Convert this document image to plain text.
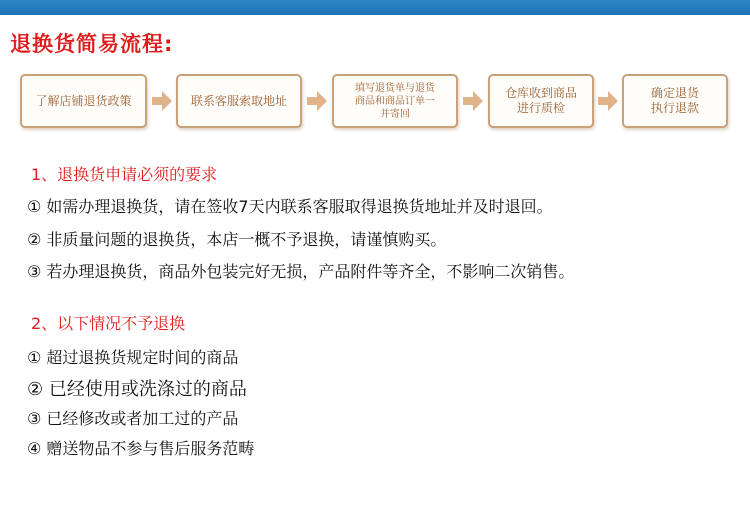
退换货简易流程:
了解店铺退货政策	联系客服索取地址
填写退货单与退货
商品和商品订单一
并寄回
仓库收到商品
进行质检
确定退货
执行退款
1、退换货申请必须的要求
① 如需办理退换货，请在签收7天内联系客服取得退换货地址并及时退回。
② 非质量问题的退换货，本店一概不予退换，请谨慎购买。
③ 若办理退换货，商品外包装完好无损，产品附件等齐全，不影响二次销售。
2、以下情况不予退换
① 超过退换货规定时间的商品
② 已经使用或洗涤过的商品
③ 已经修改或者加工过的产品
④ 赠送物品不参与售后服务范畴
